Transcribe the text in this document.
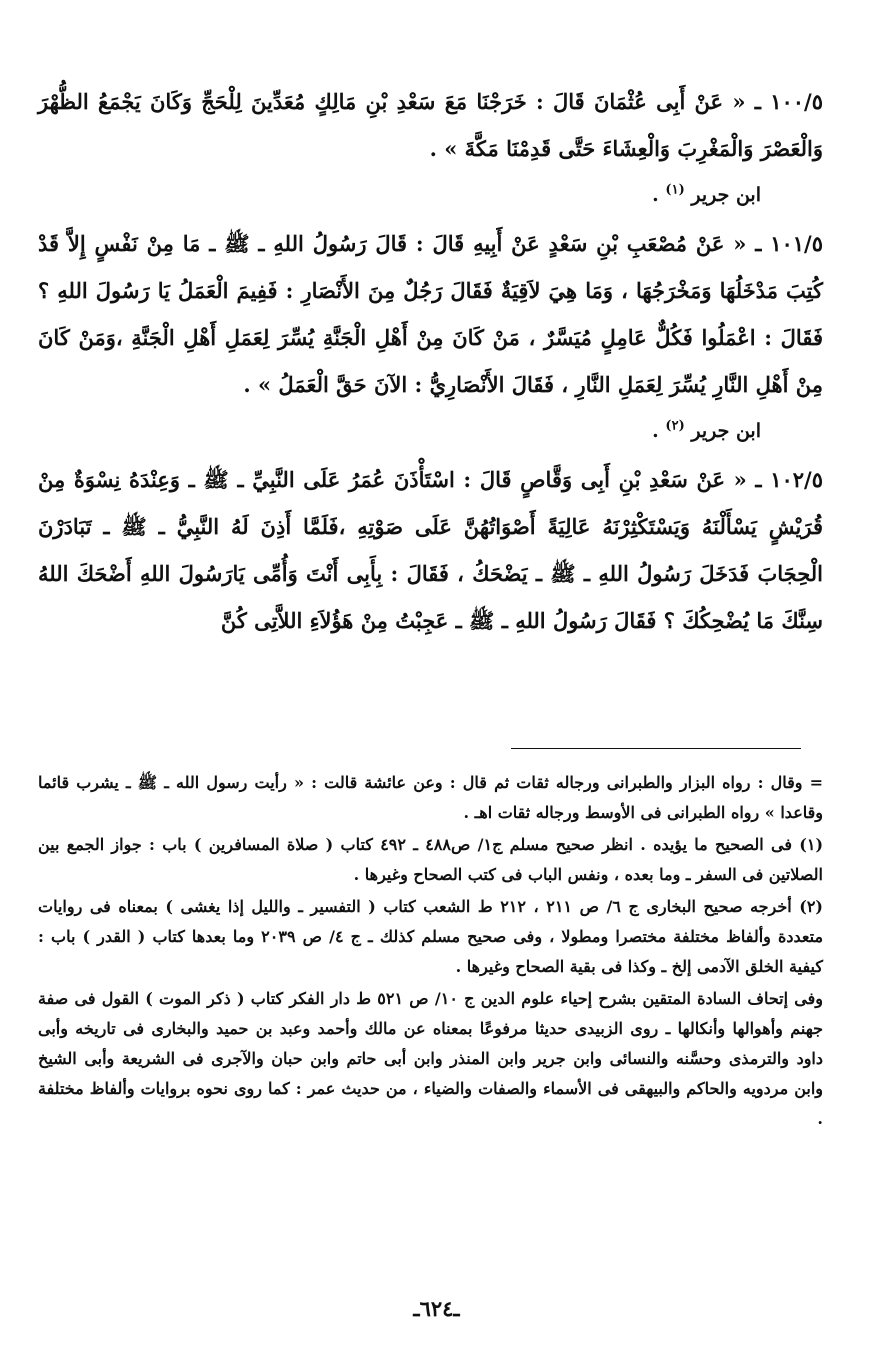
١٠٠/٥ ـ « عَنْ أَبِى عُثْمَانَ قَالَ : خَرَجْنَا مَعَ سَعْدِ بْنِ مَالِكٍ مُعَدِّينَ لِلْحَجِّ وَكَانَ يَجْمَعُ الظُّهْرَ وَالْعَصْرَ وَالْمَغْرِبَ وَالْعِشَاءَ حَتَّى قَدِمْنَا مَكَّةَ » .

ابن جرير $^{(١)}$ .

١٠١/٥ ـ « عَنْ مُصْعَبِ بْنِ سَعْدٍ عَنْ أَبِيهِ قَالَ : قَالَ رَسُولُ اللهِ ـ ﷺ ـ مَا مِنْ نَفْسٍ إِلاَّ قَدْ كُتِبَ مَدْخَلُهَا وَمَخْرَجُهَا ، وَمَا هِيَ لاَقِيَةٌ فَقَالَ رَجُلٌ مِنَ الأَنْصَارِ : فَفِيمَ الْعَمَلُ يَا رَسُولَ اللهِ ؟ فَقَالَ : اعْمَلُوا فَكُلٌّ عَامِلٍ مُيَسَّرٌ ، مَنْ كَانَ مِنْ أَهْلِ الْجَنَّةِ يُسِّرَ لِعَمَلِ أَهْلِ الْجَنَّةِ ،وَمَنْ كَانَ مِنْ أَهْلِ النَّارِ يُسِّرَ لِعَمَلِ النَّارِ ، فَقَالَ الأَنْصَارِيُّ : الآنَ حَقَّ الْعَمَلُ » .

ابن جرير $^{(٢)}$ .

١٠٢/٥ ـ « عَنْ سَعْدِ بْنِ أَبِى وَقَّاصٍ قَالَ : اسْتَأْذَنَ عُمَرُ عَلَى النَّبِيِّ ـ ﷺ ـ وَعِنْدَهُ نِسْوَةٌ مِنْ قُرَيْشٍ يَسْأَلْنَهُ وَيَسْتَكْثِرْنَهُ عَالِيَةً أَصْوَاتُهُنَّ عَلَى صَوْتِهِ ،فَلَمَّا أَذِنَ لَهُ النَّبِيُّ ـ ﷺ ـ تَبَادَرْنَ الْحِجَابَ فَدَخَلَ رَسُولُ اللهِ ـ ﷺ ـ يَضْحَكُ ، فَقَالَ : بِأَبِى أَنْتَ وَأُمِّى يَارَسُولَ اللهِ أَضْحَكَ اللهُ سِنَّكَ مَا يُضْحِكُكَ ؟ فَقَالَ رَسُولُ اللهِ ـ ﷺ ـ عَجِبْتُ مِنْ هَؤُلاَءِ اللاَّتِى كُنَّ

= وقال : رواه البزار والطبرانى ورجاله ثقات ثم قال : وعن عائشة قالت : « رأيت رسول الله ـ ﷺ ـ يشرب قائما وقاعدا » رواه الطبرانى فى الأوسط ورجاله ثقات اهـ .

(١) فى الصحيح ما يؤيده . انظر صحيح مسلم ج١/ ص٤٨٨ ـ ٤٩٢ كتاب ( صلاة المسافرين ) باب : جواز الجمع بين الصلاتين فى السفر ـ وما بعده ، ونفس الباب فى كتب الصحاح وغيرها .

(٢) أخرجه صحيح البخارى ج ٦/ ص ٢١١ ، ٢١٢ ط الشعب كتاب ( التفسير ـ والليل إذا يغشى ) بمعناه فى روايات متعددة وألفاظ مختلفة مختصرا ومطولا ، وفى صحيح مسلم كذلك ـ ج ٤/ ص ٢٠٣٩ وما بعدها كتاب ( القدر ) باب : كيفية الخلق الآدمى إلخ ـ وكذا فى بقية الصحاح وغيرها .

وفى إتحاف السادة المتقين بشرح إحياء علوم الدين ج ١٠/ ص ٥٢١ ط دار الفكر كتاب ( ذكر الموت ) القول فى صفة جهنم وأهوالها وأنكالها ـ روى الزبيدى حديثا مرفوعًا بمعناه عن مالك وأحمد وعبد بن حميد والبخارى فى تاريخه وأبى داود والترمذى وحسَّنه والنسائى وابن جرير وابن المنذر وابن أبى حاتم وابن حبان والآجرى فى الشريعة وأبى الشيخ وابن مردويه والحاكم والبيهقى فى الأسماء والصفات والضياء ، من حديث عمر : كما روى نحوه بروايات وألفاظ مختلفة .

ـ٦٢٤ـ
